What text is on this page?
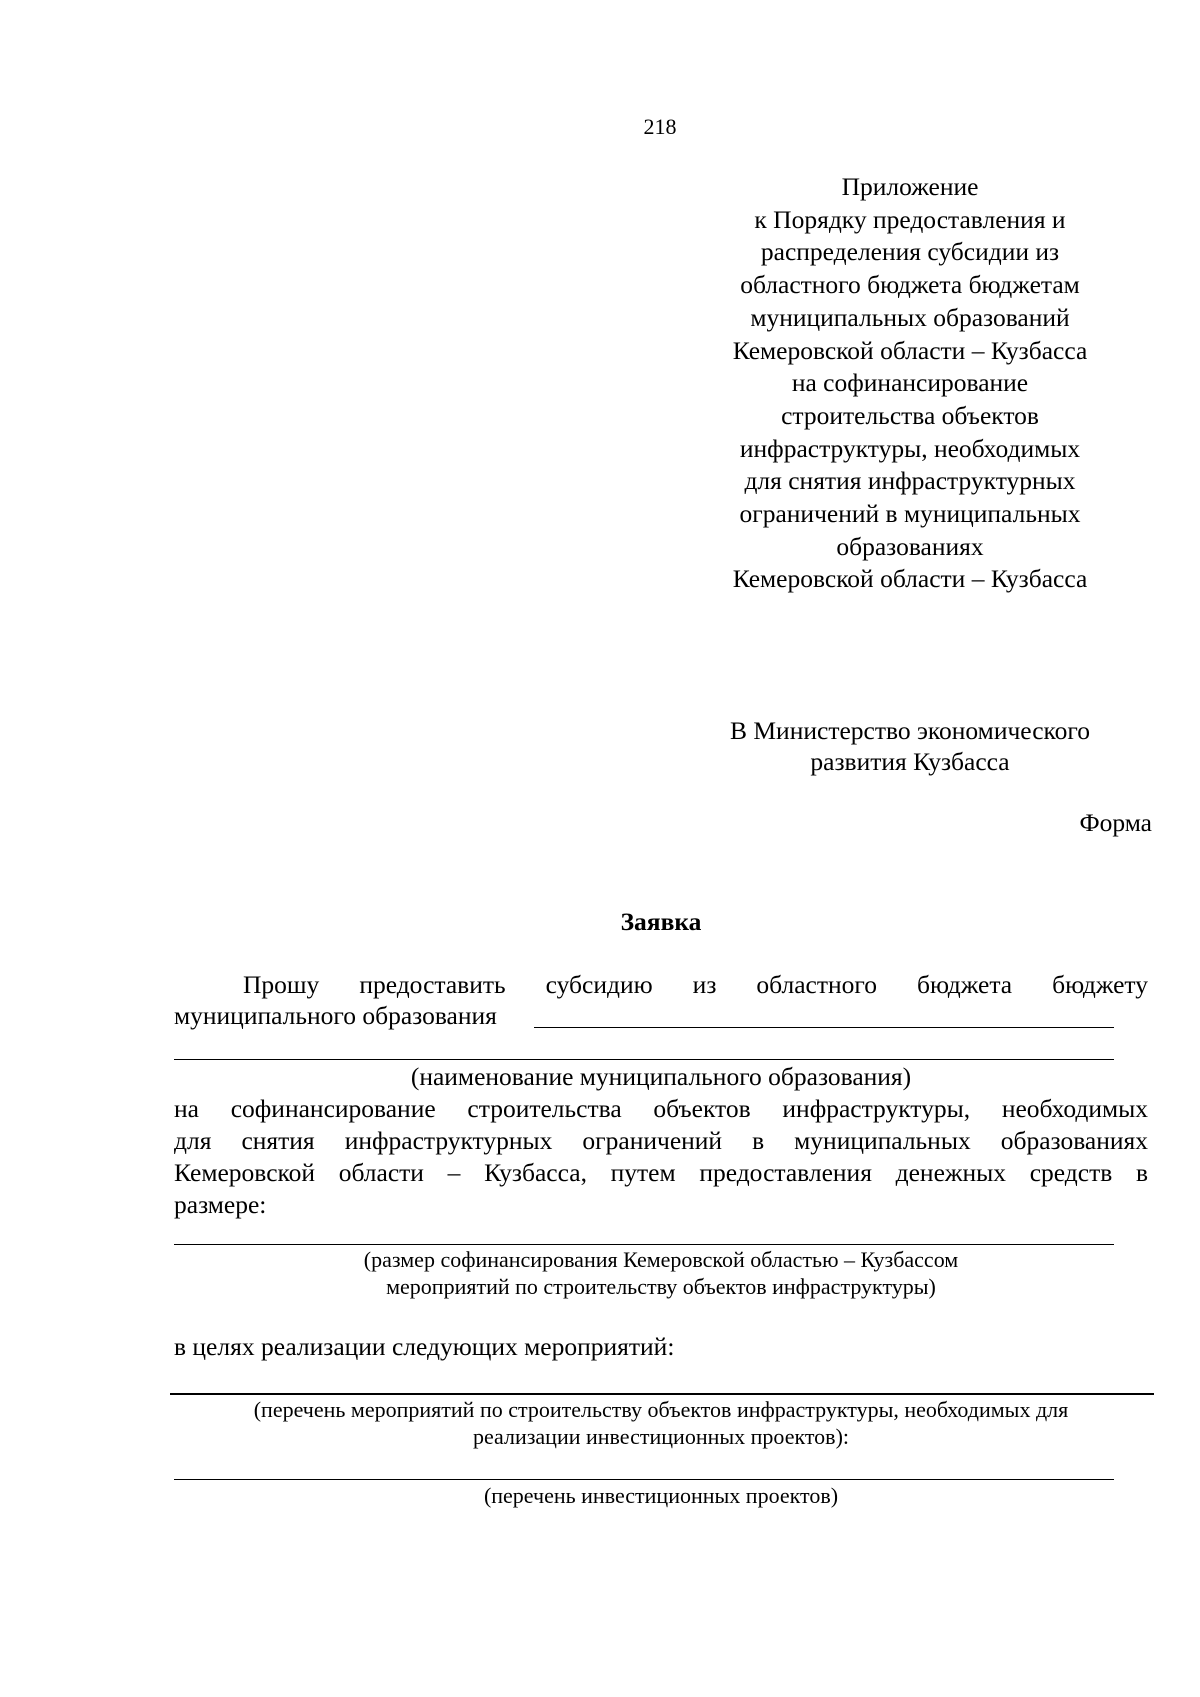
218
Приложение
к Порядку предоставления и
распределения субсидии из
областного бюджета бюджетам
муниципальных образований
Кемеровской области – Кузбасса
на софинансирование
строительства объектов
инфраструктуры, необходимых
для снятия инфраструктурных
ограничений в муниципальных
образованиях
Кемеровской области – Кузбасса
В Министерство экономического
развития Кузбасса
Форма
Заявка
Прошу предоставить субсидию из областного бюджета бюджету
муниципального образования
(наименование муниципального образования)
на софинансирование строительства объектов инфраструктуры, необходимых
для снятия инфраструктурных ограничений в муниципальных образованиях
Кемеровской области – Кузбасса, путем предоставления денежных средств в
размере:
(размер софинансирования Кемеровской областью – Кузбассом
мероприятий по строительству объектов инфраструктуры)
в целях реализации следующих мероприятий:
(перечень мероприятий по строительству объектов инфраструктуры, необходимых для
реализации инвестиционных проектов):
(перечень инвестиционных проектов)
